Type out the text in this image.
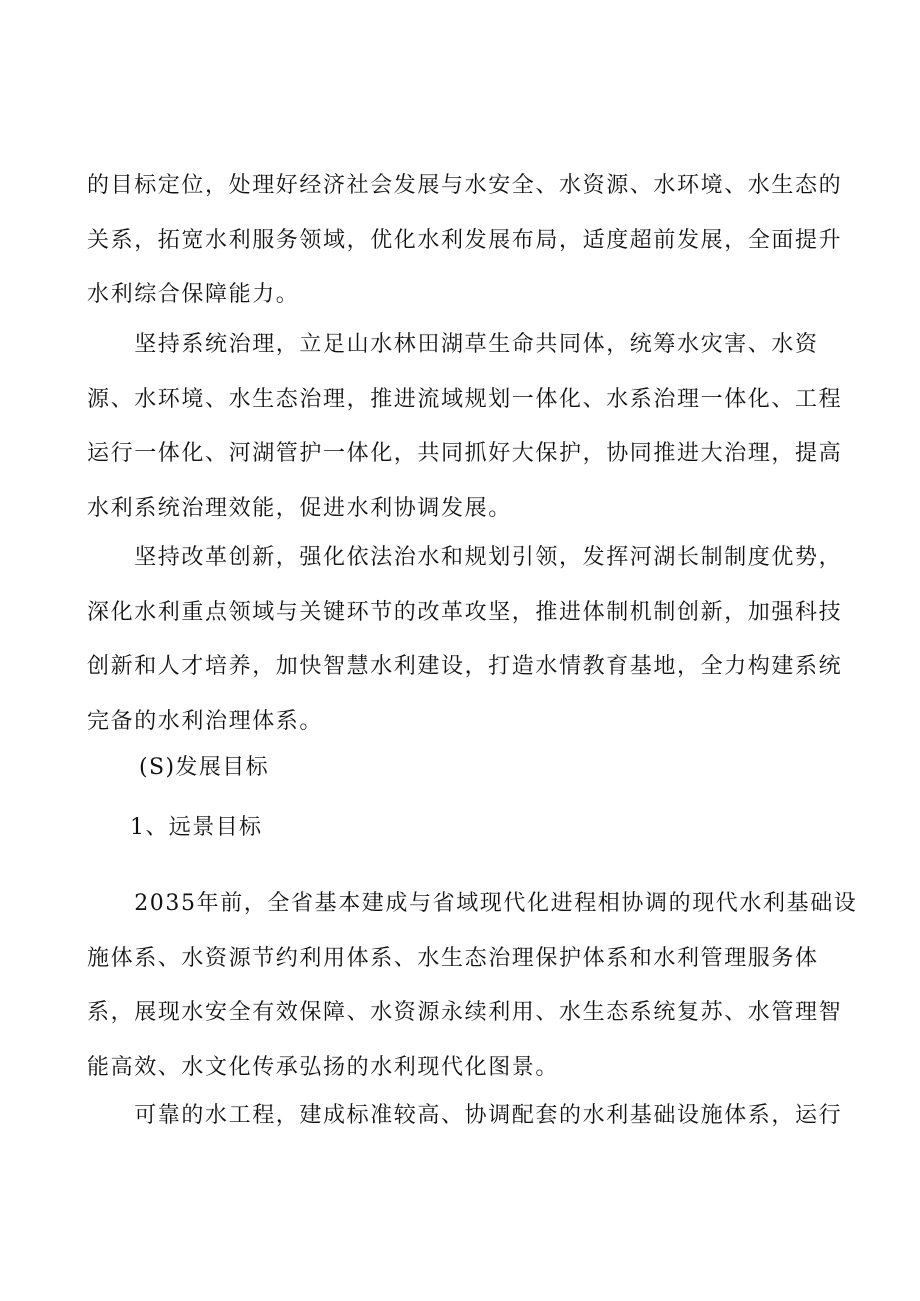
的目标定位，处理好经济社会发展与水安全、水资源、水环境、水生态的
关系，拓宽水利服务领域，优化水利发展布局，适度超前发展，全面提升
水利综合保障能力。

　　坚持系统治理，立足山水林田湖草生命共同体，统筹水灾害、水资
源、水环境、水生态治理，推进流域规划一体化、水系治理一体化、工程
运行一体化、河湖管护一体化，共同抓好大保护，协同推进大治理，提高
水利系统治理效能，促进水利协调发展。

　　坚持改革创新，强化依法治水和规划引领，发挥河湖长制制度优势，
深化水利重点领域与关键环节的改革攻坚，推进体制机制创新，加强科技
创新和人才培养，加快智慧水利建设，打造水情教育基地，全力构建系统
完备的水利治理体系。

(S)发展目标
1、远景目标

　　2035年前，全省基本建成与省域现代化进程相协调的现代水利基础设
施体系、水资源节约利用体系、水生态治理保护体系和水利管理服务体
系，展现水安全有效保障、水资源永续利用、水生态系统复苏、水管理智
能高效、水文化传承弘扬的水利现代化图景。

　　可靠的水工程，建成标准较高、协调配套的水利基础设施体系，运行
